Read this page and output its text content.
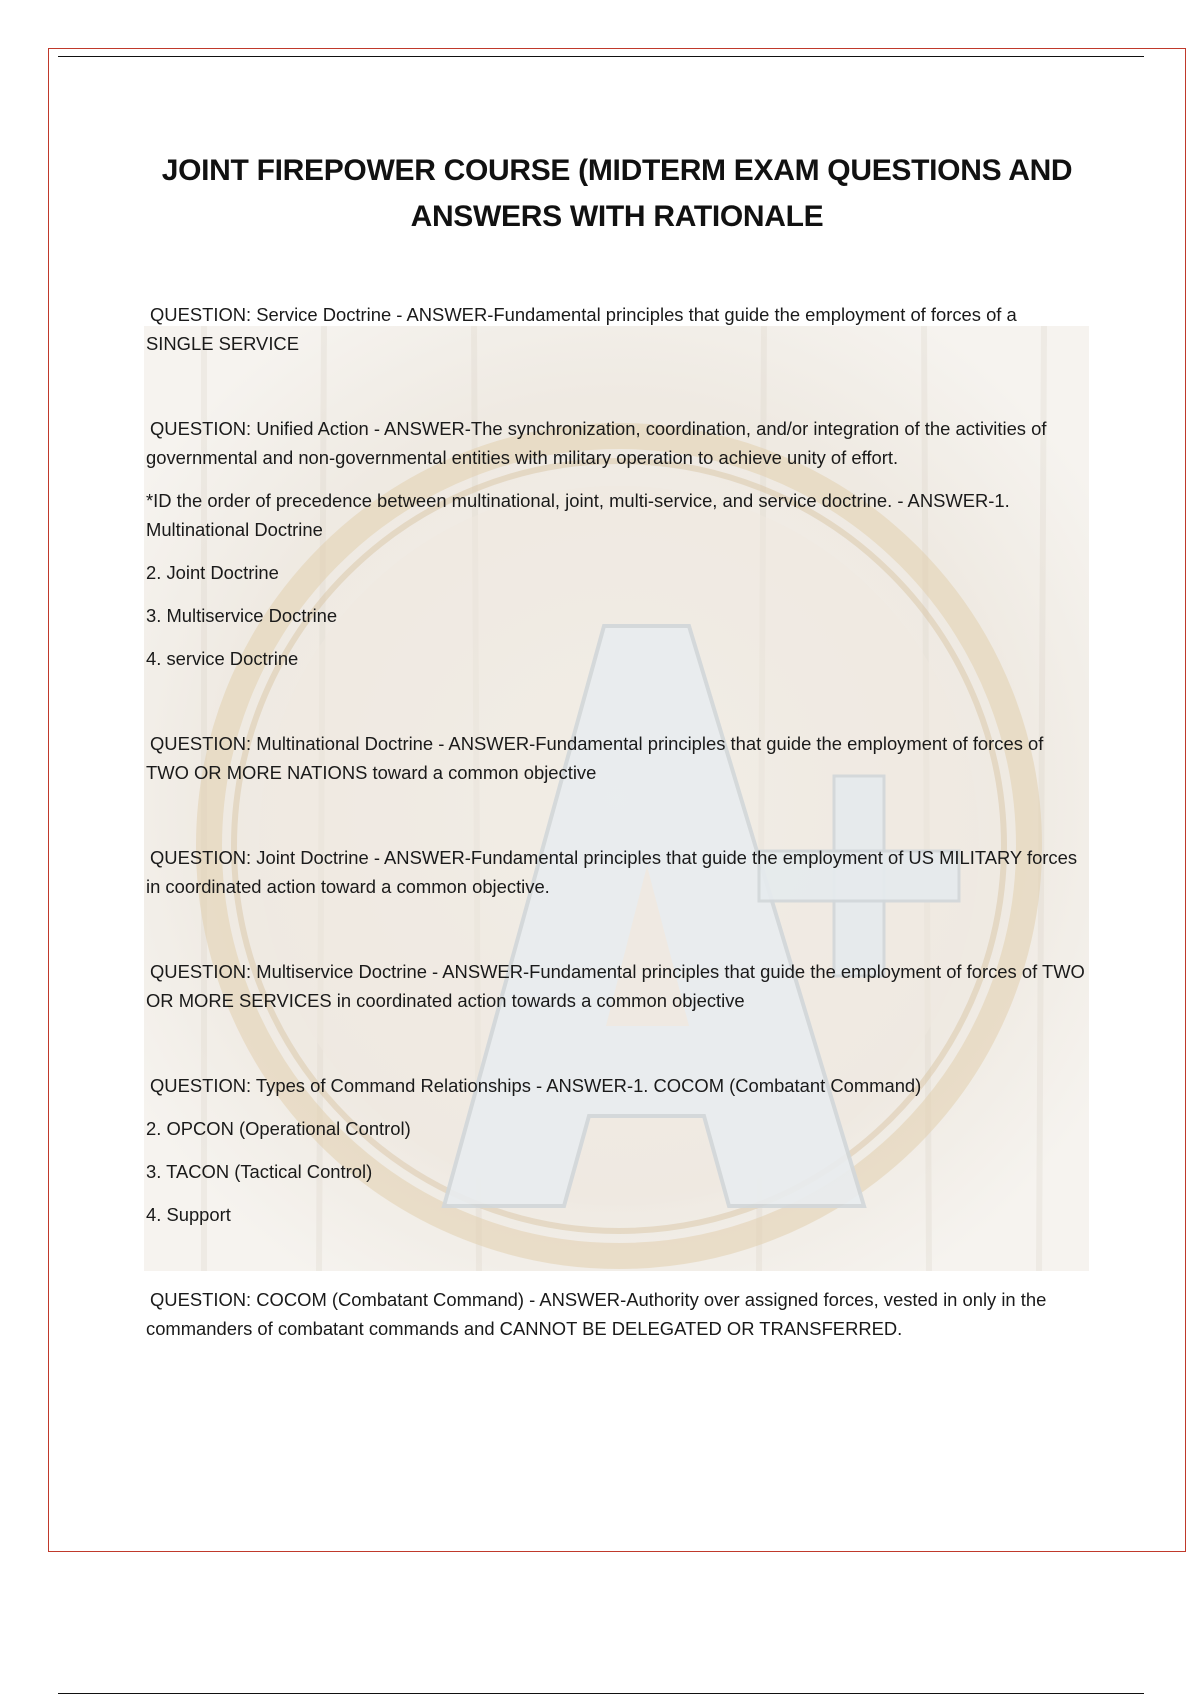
JOINT FIREPOWER COURSE (MIDTERM EXAM QUESTIONS AND
ANSWERS WITH RATIONALE

QUESTION: Service Doctrine - ANSWER-Fundamental principles that guide the employment of forces of a SINGLE SERVICE

QUESTION: Unified Action - ANSWER-The synchronization, coordination, and/or integration of the activities of governmental and non-governmental entities with military operation to achieve unity of effort.

*ID the order of precedence between multinational, joint, multi-service, and service doctrine. - ANSWER-1. Multinational Doctrine

2. Joint Doctrine

3. Multiservice Doctrine

4. service Doctrine

QUESTION: Multinational Doctrine - ANSWER-Fundamental principles that guide the employment of forces of TWO OR MORE NATIONS toward a common objective

QUESTION: Joint Doctrine - ANSWER-Fundamental principles that guide the employment of US MILITARY forces in coordinated action toward a common objective.

QUESTION: Multiservice Doctrine - ANSWER-Fundamental principles that guide the employment of forces of TWO OR MORE SERVICES in coordinated action towards a common objective

QUESTION: Types of Command Relationships - ANSWER-1. COCOM (Combatant Command)

2. OPCON (Operational Control)

3. TACON (Tactical Control)

4. Support

QUESTION: COCOM (Combatant Command) - ANSWER-Authority over assigned forces, vested in only in the commanders of combatant commands and CANNOT BE DELEGATED OR TRANSFERRED.
